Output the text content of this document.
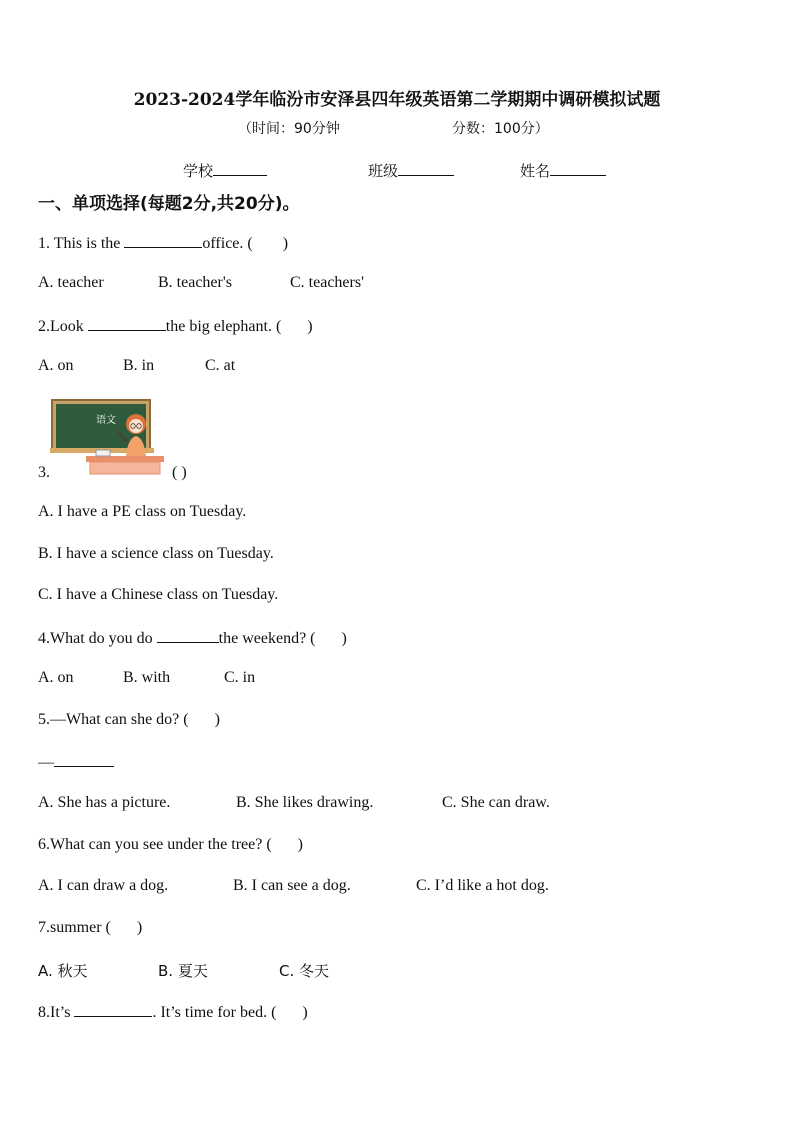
2023-2024学年临汾市安泽县四年级英语第二学期期中调研模拟试题
（时间：90分钟	分数：100分）
学校	班级	姓名
一、单项选择(每题2分,共20分)。
1. This is the	office. ( )
A. teacher	B. teacher's	C. teachers'
2.Look	the big elephant. ( )
A. on	B. in	C. at
语文
3.	( )
A. I have a PE class on Tuesday.
B. I have a science class on Tuesday.
C. I have a Chinese class on Tuesday.
4.What do you do	the weekend? ( )
A. on	B. with	C. in
5.—What can she do? ( )
—
A. She has a picture.	B. She likes drawing.	C. She can draw.
6.What can you see under the tree? ( )
A. I can draw a dog.	B. I can see a dog.	C. I’d like a hot dog.
7.summer ( )
A. 秋天	B. 夏天	C. 冬天
8.It’s	. It’s time for bed. ( )
